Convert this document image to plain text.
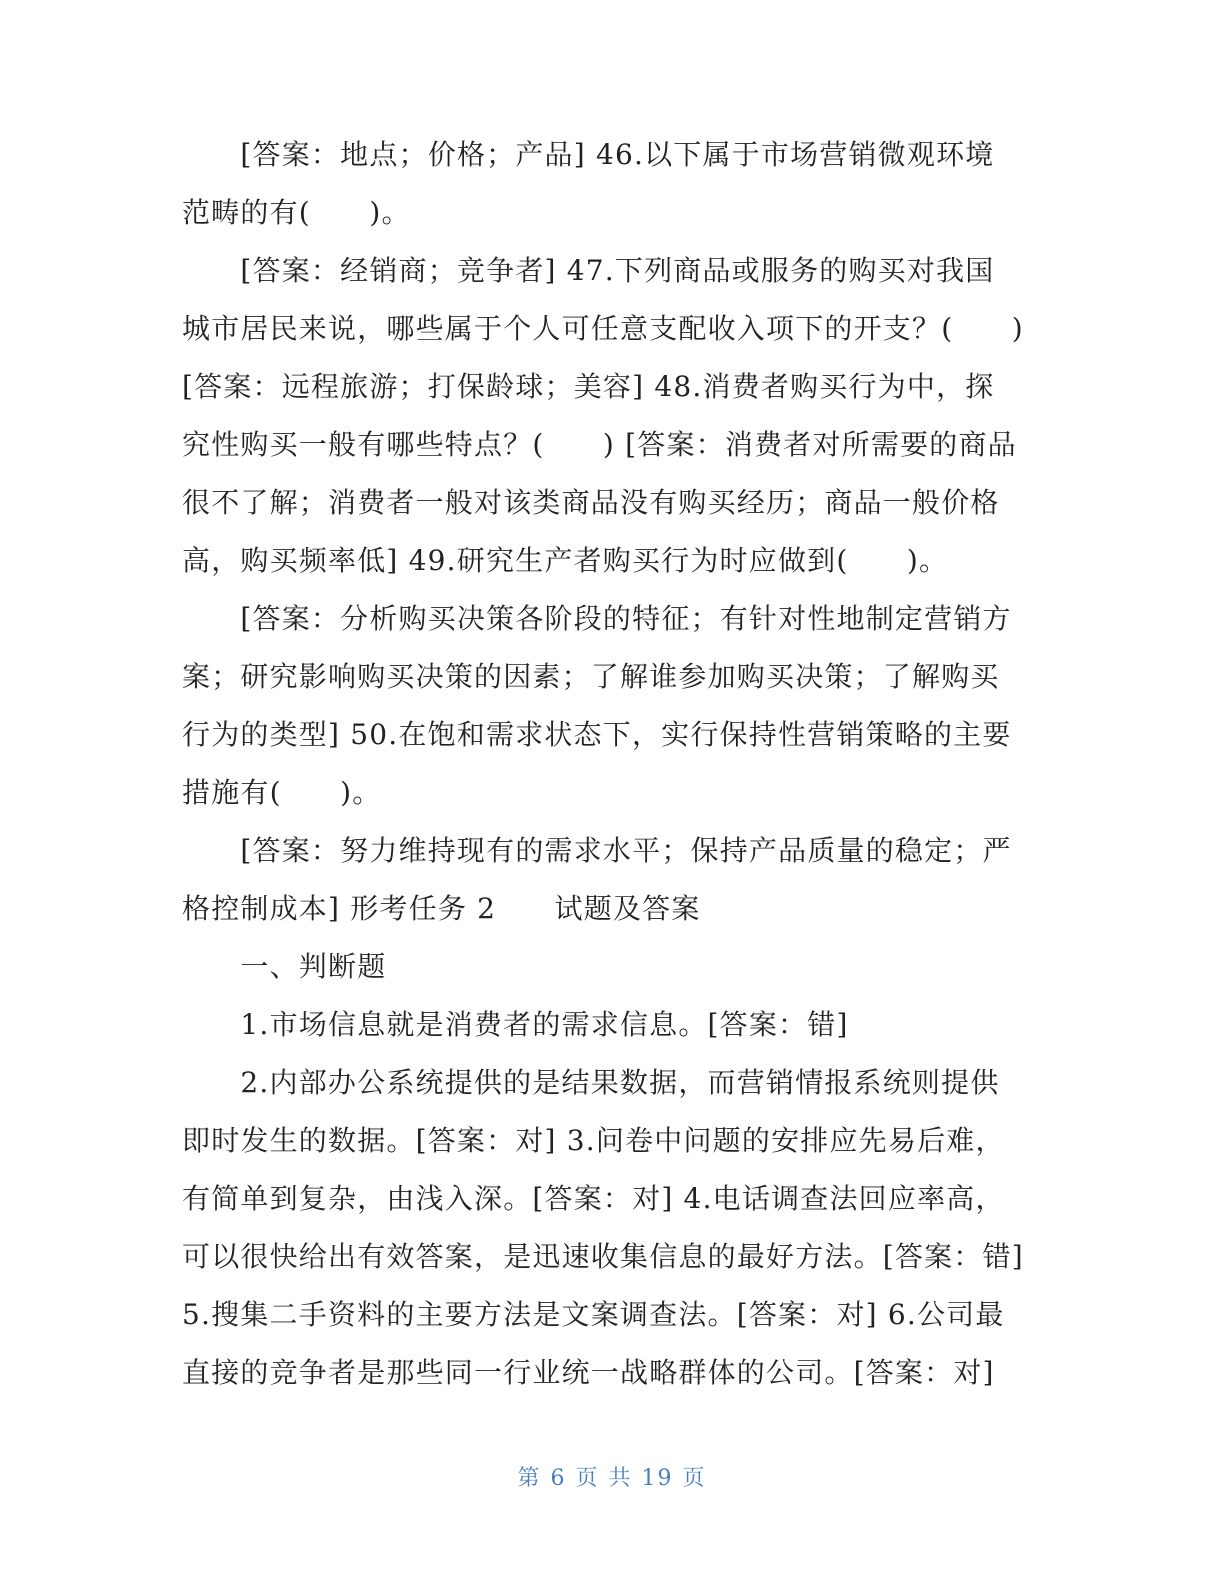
　　[答案：地点；价格；产品] 46.以下属于市场营销微观环境
范畴的有(　　)。
　　[答案：经销商；竞争者] 47.下列商品或服务的购买对我国
城市居民来说，哪些属于个人可任意支配收入项下的开支？(　　)
[答案：远程旅游；打保龄球；美容] 48.消费者购买行为中，探
究性购买一般有哪些特点？(　　) [答案：消费者对所需要的商品
很不了解；消费者一般对该类商品没有购买经历；商品一般价格
高，购买频率低] 49.研究生产者购买行为时应做到(　　)。
　　[答案：分析购买决策各阶段的特征；有针对性地制定营销方
案；研究影响购买决策的因素；了解谁参加购买决策；了解购买
行为的类型] 50.在饱和需求状态下，实行保持性营销策略的主要
措施有(　　)。
　　[答案：努力维持现有的需求水平；保持产品质量的稳定；严
格控制成本] 形考任务 2　　试题及答案
　　一、判断题
　　1.市场信息就是消费者的需求信息。[答案：错]
　　2.内部办公系统提供的是结果数据，而营销情报系统则提供
即时发生的数据。[答案：对] 3.问卷中问题的安排应先易后难，
有简单到复杂，由浅入深。[答案：对] 4.电话调查法回应率高，
可以很快给出有效答案，是迅速收集信息的最好方法。[答案：错]
5.搜集二手资料的主要方法是文案调查法。[答案：对] 6.公司最
直接的竞争者是那些同一行业统一战略群体的公司。[答案：对]
第 6 页 共 19 页
